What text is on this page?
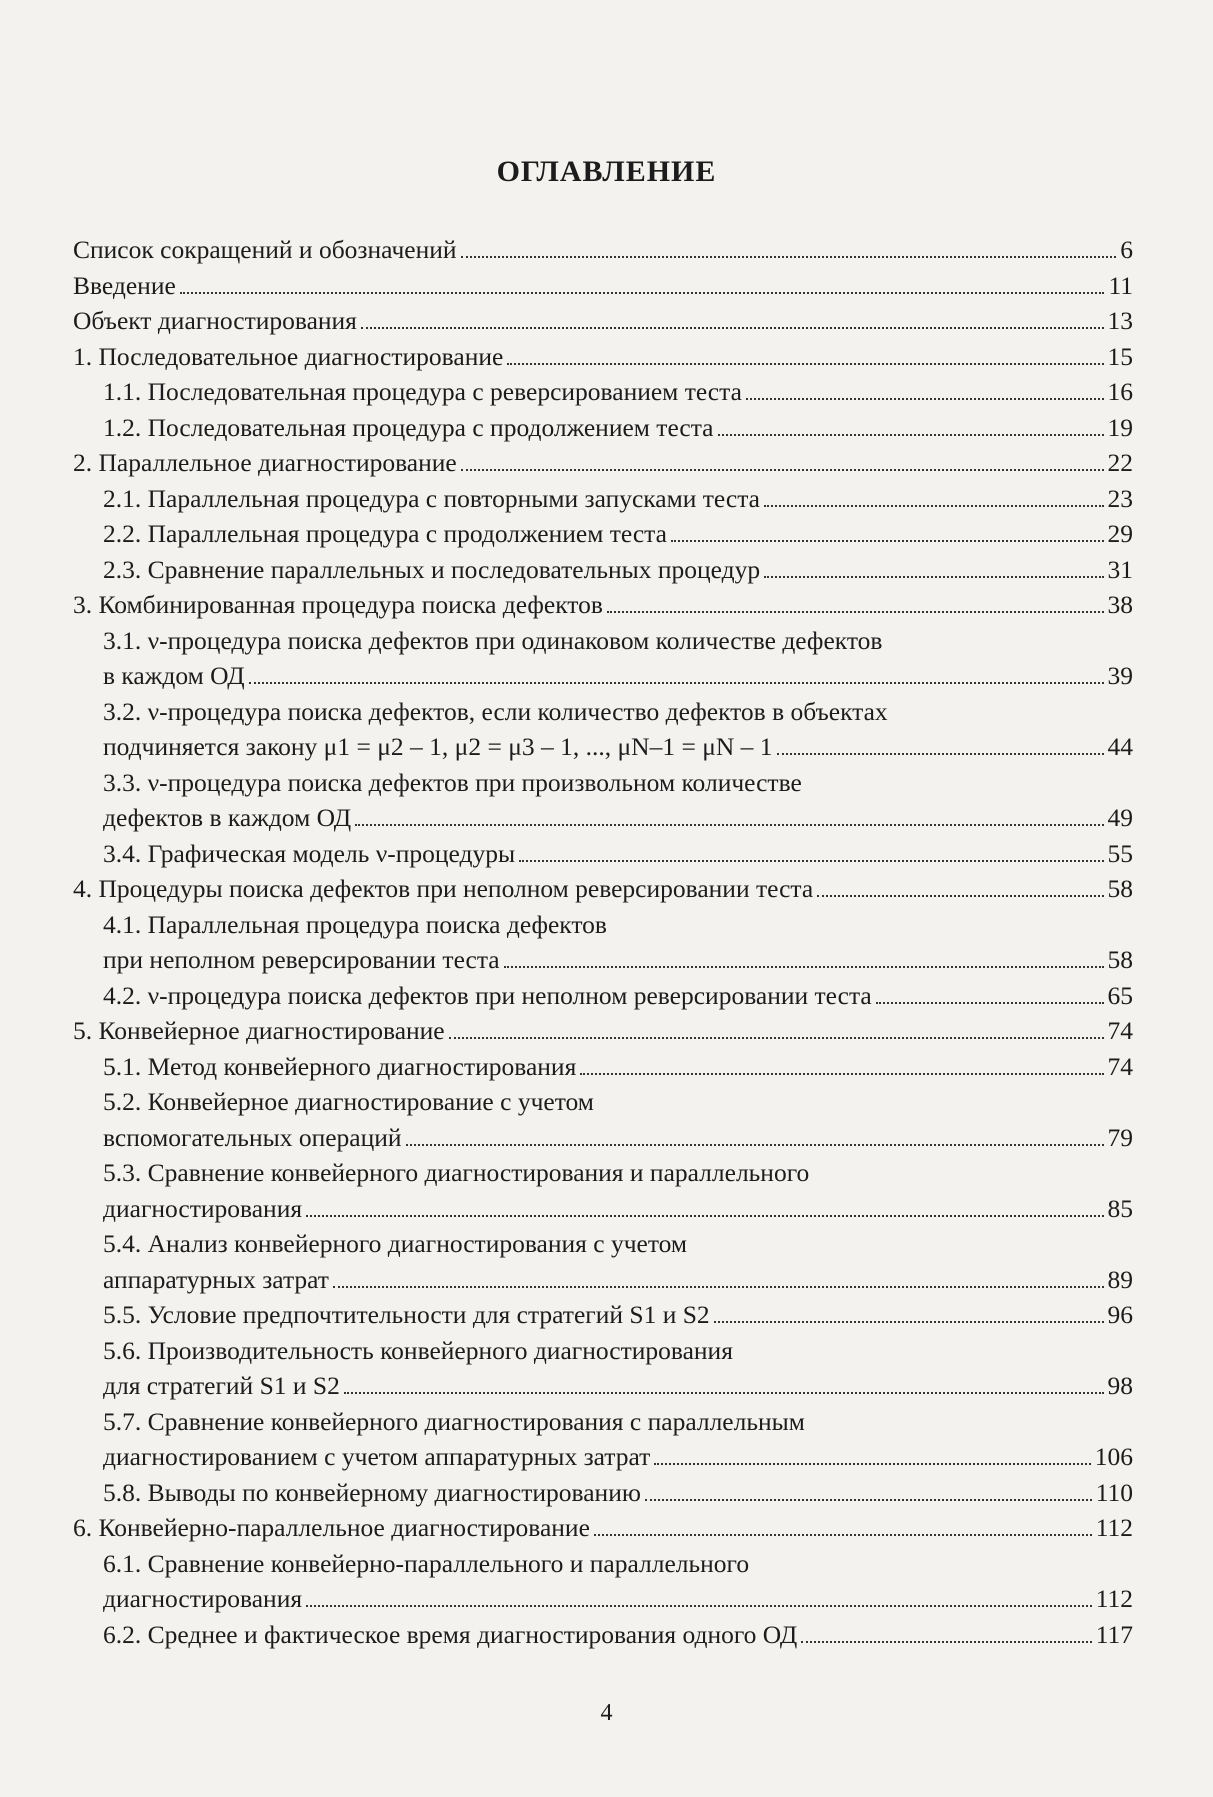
ОГЛАВЛЕНИЕ
Список сокращений и обозначений	6
Введение	11
Объект диагностирования	13
1. Последовательное диагностирование	15
1.1. Последовательная процедура с реверсированием теста	16
1.2. Последовательная процедура с продолжением теста	19
2. Параллельное диагностирование	22
2.1. Параллельная процедура с повторными запусками теста	23
2.2. Параллельная процедура с продолжением теста	29
2.3. Сравнение параллельных и последовательных процедур	31
3. Комбинированная процедура поиска дефектов	38
3.1. ν-процедура поиска дефектов при одинаковом количестве дефектов
в каждом ОД	39
3.2. ν-процедура поиска дефектов, если количество дефектов в объектах
подчиняется закону μ1 = μ2 – 1, μ2 = μ3 – 1, ..., μN–1 = μN – 1	44
3.3. ν-процедура поиска дефектов при произвольном количестве
дефектов в каждом ОД	49
3.4. Графическая модель ν-процедуры	55
4. Процедуры поиска дефектов при неполном реверсировании теста	58
4.1. Параллельная процедура поиска дефектов
при неполном реверсировании теста	58
4.2. ν-процедура поиска дефектов при неполном реверсировании теста	65
5. Конвейерное диагностирование	74
5.1. Метод конвейерного диагностирования	74
5.2. Конвейерное диагностирование с учетом
вспомогательных операций	79
5.3. Сравнение конвейерного диагностирования и параллельного
диагностирования	85
5.4. Анализ конвейерного диагностирования с учетом
аппаратурных затрат	89
5.5. Условие предпочтительности для стратегий S1 и S2	96
5.6. Производительность конвейерного диагностирования
для стратегий S1 и S2	98
5.7. Сравнение конвейерного диагностирования с параллельным
диагностированием с учетом аппаратурных затрат	106
5.8. Выводы по конвейерному диагностированию	110
6. Конвейерно-параллельное диагностирование	112
6.1. Сравнение конвейерно-параллельного и параллельного
диагностирования	112
6.2. Среднее и фактическое время диагностирования одного ОД	117
4
